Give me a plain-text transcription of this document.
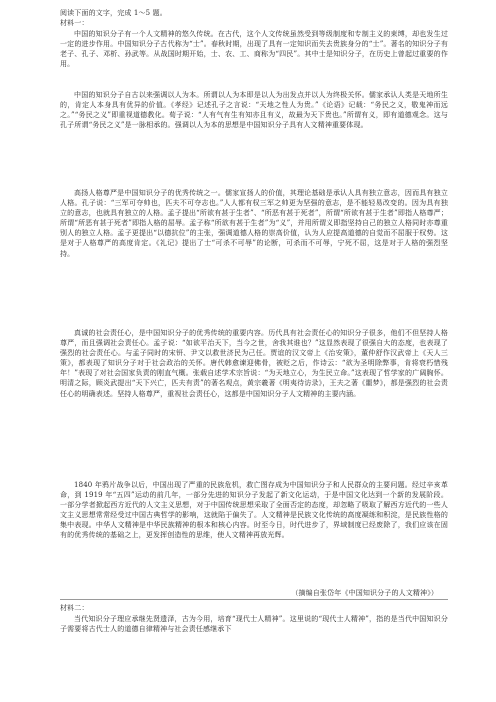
阅读下面的文字，完成 1～5 题。
材料一：
中国的知识分子有一个人文精神的悠久传统。在古代，这个人文传统虽然受到等级制度和专制主义的束缚，却也发生过一定的进步作用。中国知识分子古代称为“士”。春秋时期，出现了具有一定知识而失去贵族身分的“士”。著名的知识分子有老子、孔子、邓析、孙武等。从战国时期开始，士、农、工、商称为“四民”。其中士是知识分子，在历史上曾起过重要的作用。
中国的知识分子自古以来强调以人为本。所谓以人为本即是以人为出发点并以人为终极关怀。儒家承认人类是天地所生的，肯定人本身具有优异的价值。《孝经》记述孔子之言说：“天地之性人为贵。”《论语》记载：“务民之义，敬鬼神而远之。”“务民之义”即重视道德教化。荀子说：“人有气有生有知亦且有义，故最为天下贵也。”所谓有义，即有道德观念。这与孔子所谓“务民之义”是一脉相承的。强调以人为本的思想是中国知识分子具有人文精神重要体现。
高扬人格尊严是中国知识分子的优秀传统之一。儒家宣扬人的价值，其理论基础是承认人具有独立意志，因而具有独立人格。孔子说：“三军可夺帅也，匹夫不可夺志也。”人人都有权三军之帅更为坚强的意志，是不能轻易改变的。因为具有独立的意志，也就具有独立的人格。孟子提出“所欲有甚于生者”、“所恶有甚于死者”，所谓“所欲有甚于生者”即指人格尊严；所谓“所恶有甚于死者”即指人格的屈辱。孟子称“所欲有甚于生者”为“义”，并用所谓义即指坚持自己的独立人格同时亦尊重别人的独立人格。孟子更提出“以德抗位”的主张，强调道德人格的崇高价值，认为人应提高道德的自觉而不屈服于权势。这是对于人格尊严的高度肯定。《礼记》提出了士“可杀不可辱”的论断，可杀而不可辱，宁死不屈，这是对于人格的强烈坚持。
真诚的社会责任心，是中国知识分子的优秀传统的重要内容。历代具有社会责任心的知识分子很多，他们不但坚持人格尊严，而且强调社会责任心。孟子说：“如欲平治天下，当今之世，舍我其谁也？”这显然表现了很强自大的态度，也表现了强烈的社会责任心。与孟子同时的宋钘、尹文以救世济民为己任。贾谊的汉文帝上《治安策》，董仲舒作汉武帝上《天人三策》，都表现了知识分子对于社会政治的关怀。唐代韩愈谏迎佛骨，被贬之后，作诗云：“欲为圣明除弊事，肯将衰朽惜残年！”表现了对社会国家负责的刚直气概。张载自述学术宗旨说：“为天地立心，为生民立命。”这表现了哲学家的广阔胸怀。明清之际，顾炎武提出“天下兴亡，匹夫有责”的著名观点，黄宗羲著《明夷待访录》，王夫之著《噩梦》，都是强烈的社会责任心的明确表述。坚持人格尊严，重视社会责任心，这都是中国知识分子人文精神的主要内涵。
1840 年鸦片战争以后，中国出现了严重的民族危机，救亡图存成为中国知识分子和人民群众的主要问题。经过辛亥革命，到 1919 年“五四”运动的前几年，一部分先进的知识分子发起了新文化运动，于是中国文化达到一个新的发展阶段。一部分学者掀起西方近代的人文主义思想，对于中国传统思想采取了全面否定的态度，却忽略了吸取了解西方近代的一些人文主义思想常常经受过中国古典哲学的影响，这就陷于偏失了。人文精神是民族文化传统的高度凝练和积淀，是民族性格的集中表现。中华人文精神是中华民族精神的根本和核心内容。时至今日，时代进步了，界域制度已经废除了，我们应该在固有的优秀传统的基础之上，更发挥创造性的思维，使人文精神再放光辉。
（摘编自张岱年《中国知识分子的人文精神》）
材料二：
当代知识分子理应承继先贤遗泽，古为今用，培育“现代士人精神”。这里说的“现代士人精神”，指的是当代中国知识分子需要将古代士人的道德自律精神与社会责任感继承下
